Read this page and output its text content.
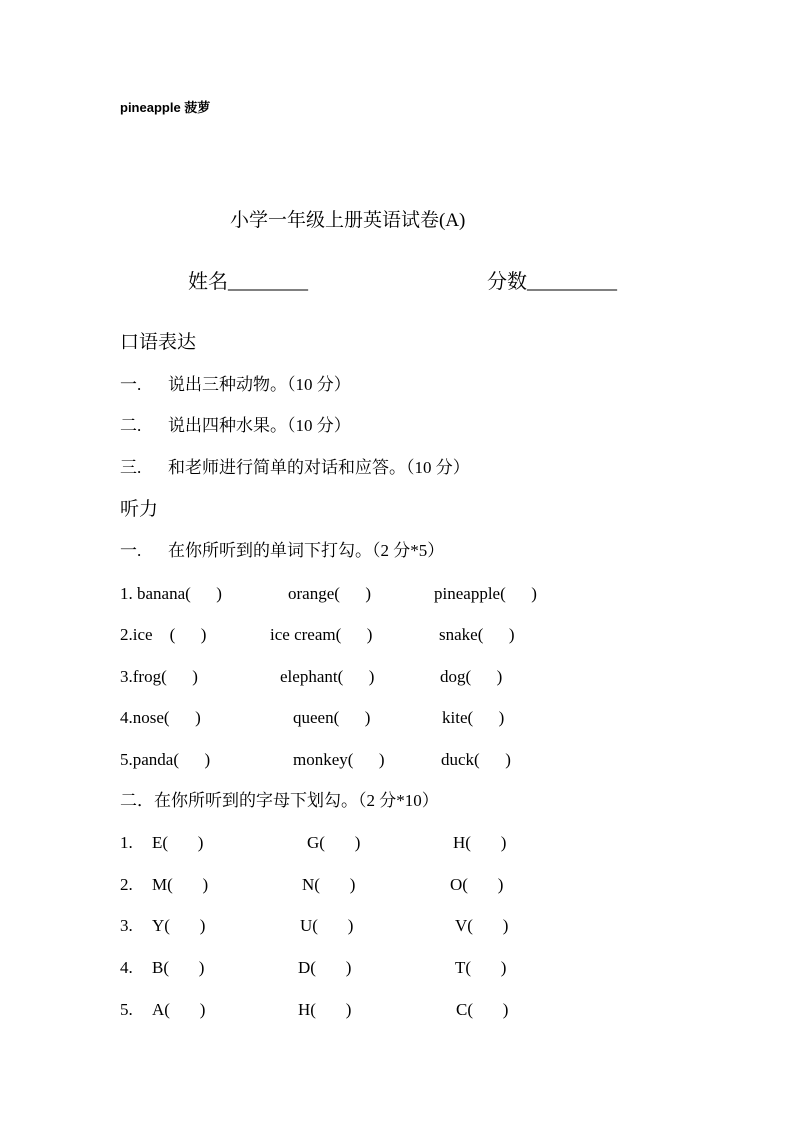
pineapple 菠萝
小学一年级上册英语试卷(A)
姓名________	分数_________
口语表达
一. 说出三种动物。（10 分）
二. 说出四种水果。（10 分）
三. 和老师进行简单的对话和应答。（10 分）
听力
一. 在你所听到的单词下打勾。（2 分*5）
1. banana(      )	orange(      )	pineapple(      )
2.ice    (      )	ice cream(      )	snake(      )
3.frog(      )	elephant(      )	dog(      )
4.nose(      )	queen(      )	kite(      )
5.panda(      )	monkey(      )	duck(      )
二．在你所听到的字母下划勾。（2 分*10）
1. E(       )	G(       )	H(       )
2. M(       )	N(       )	O(       )
3. Y(       )	U(       )	V(       )
4. B(       )	D(       )	T(       )
5. A(       )	H(       )	C(       )
